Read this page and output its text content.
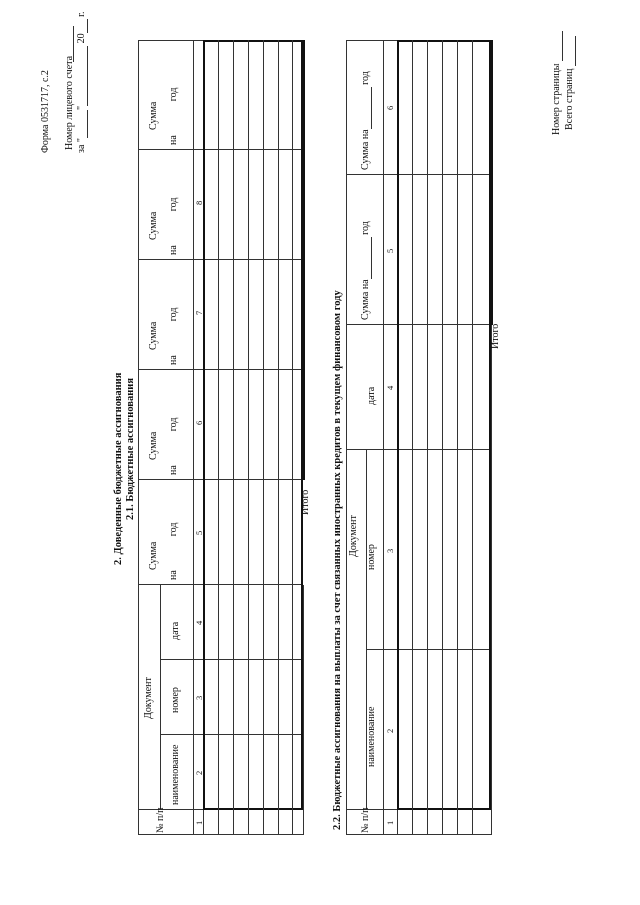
Форма 0531717, с.2 Номер лицевого счета за "" 20 г.
2. Доведенные бюджетные ассигнования 2.1. Бюджетные ассигнования
№ п/п
Документ
наименование
номер
дата
Сумма
нагод
Сумма
нагод
Сумма
нагод
Сумма
нагод
Сумма
нагод
1
2
3
4
5
6
7
8
Итого 2.2. Бюджетные ассигнования на выплаты за счет связанных иностранных кредитов в текущем финансовом году № п/п
Документ
наименование
номер
дата
Сумма на год
Сумма на год
1
2
3
4
5
6
Итого
Номер страницы Всего страниц
